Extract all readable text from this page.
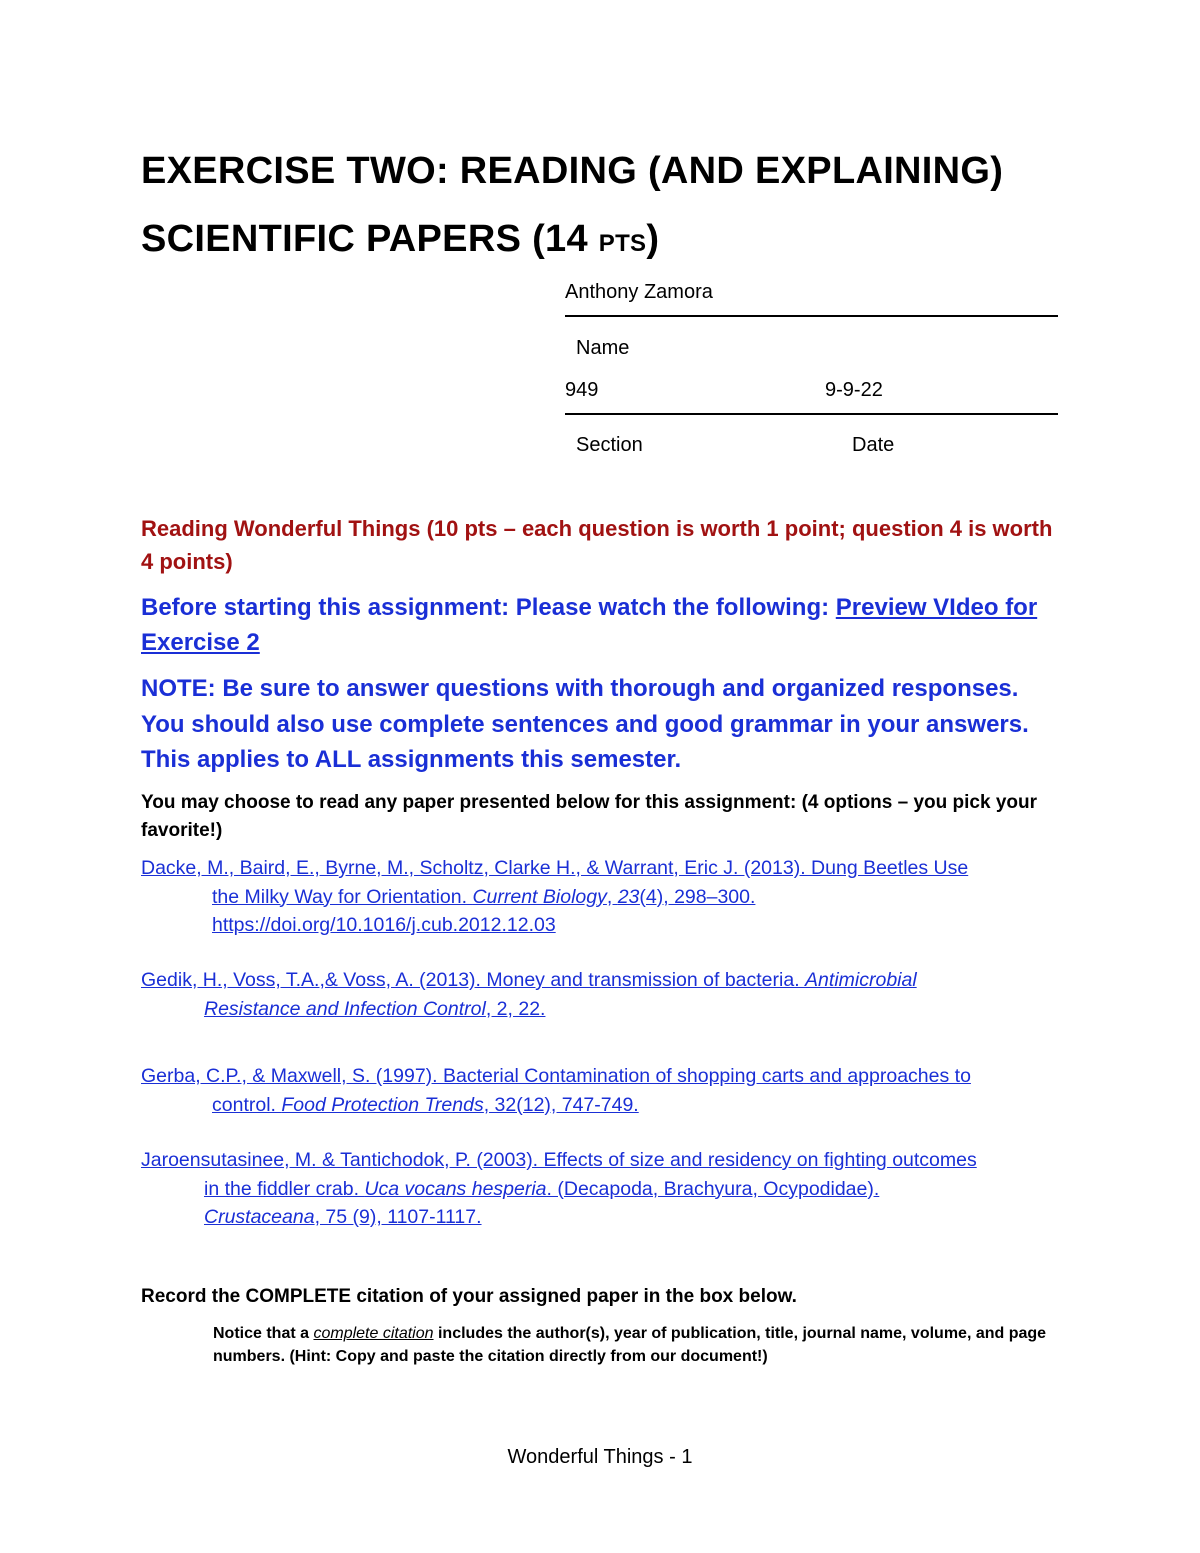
EXERCISE TWO: READING (AND EXPLAINING)
SCIENTIFIC PAPERS (14 PTS)
Anthony Zamora
Name
949	9-9-22
Section	Date
Reading Wonderful Things (10 pts – each question is worth 1 point; question 4 is worth 4 points)
Before starting this assignment: Please watch the following: Preview VIdeo for Exercise 2
NOTE: Be sure to answer questions with thorough and organized responses. You should also use complete sentences and good grammar in your answers. This applies to ALL assignments this semester.
You may choose to read any paper presented below for this assignment: (4 options – you pick your favorite!)
Dacke, M., Baird, E., Byrne, M., Scholtz, Clarke H., & Warrant, Eric J. (2013). Dung Beetles Use
the Milky Way for Orientation. Current Biology, 23(4), 298–300.
https://doi.org/10.1016/j.cub.2012.12.03
Gedik, H., Voss, T.A.,& Voss, A. (2013). Money and transmission of bacteria. Antimicrobial
Resistance and Infection Control, 2, 22.
Gerba, C.P., & Maxwell, S. (1997). Bacterial Contamination of shopping carts and approaches to
control. Food Protection Trends, 32(12), 747-749.
Jaroensutasinee, M. & Tantichodok, P. (2003). Effects of size and residency on fighting outcomes
in the fiddler crab. Uca vocans hesperia. (Decapoda, Brachyura, Ocypodidae).
Crustaceana, 75 (9), 1107-1117.
Record the COMPLETE citation of your assigned paper in the box below.
Notice that a complete citation includes the author(s), year of publication, title, journal name, volume, and page numbers. (Hint: Copy and paste the citation directly from our document!)
Wonderful Things - 1
